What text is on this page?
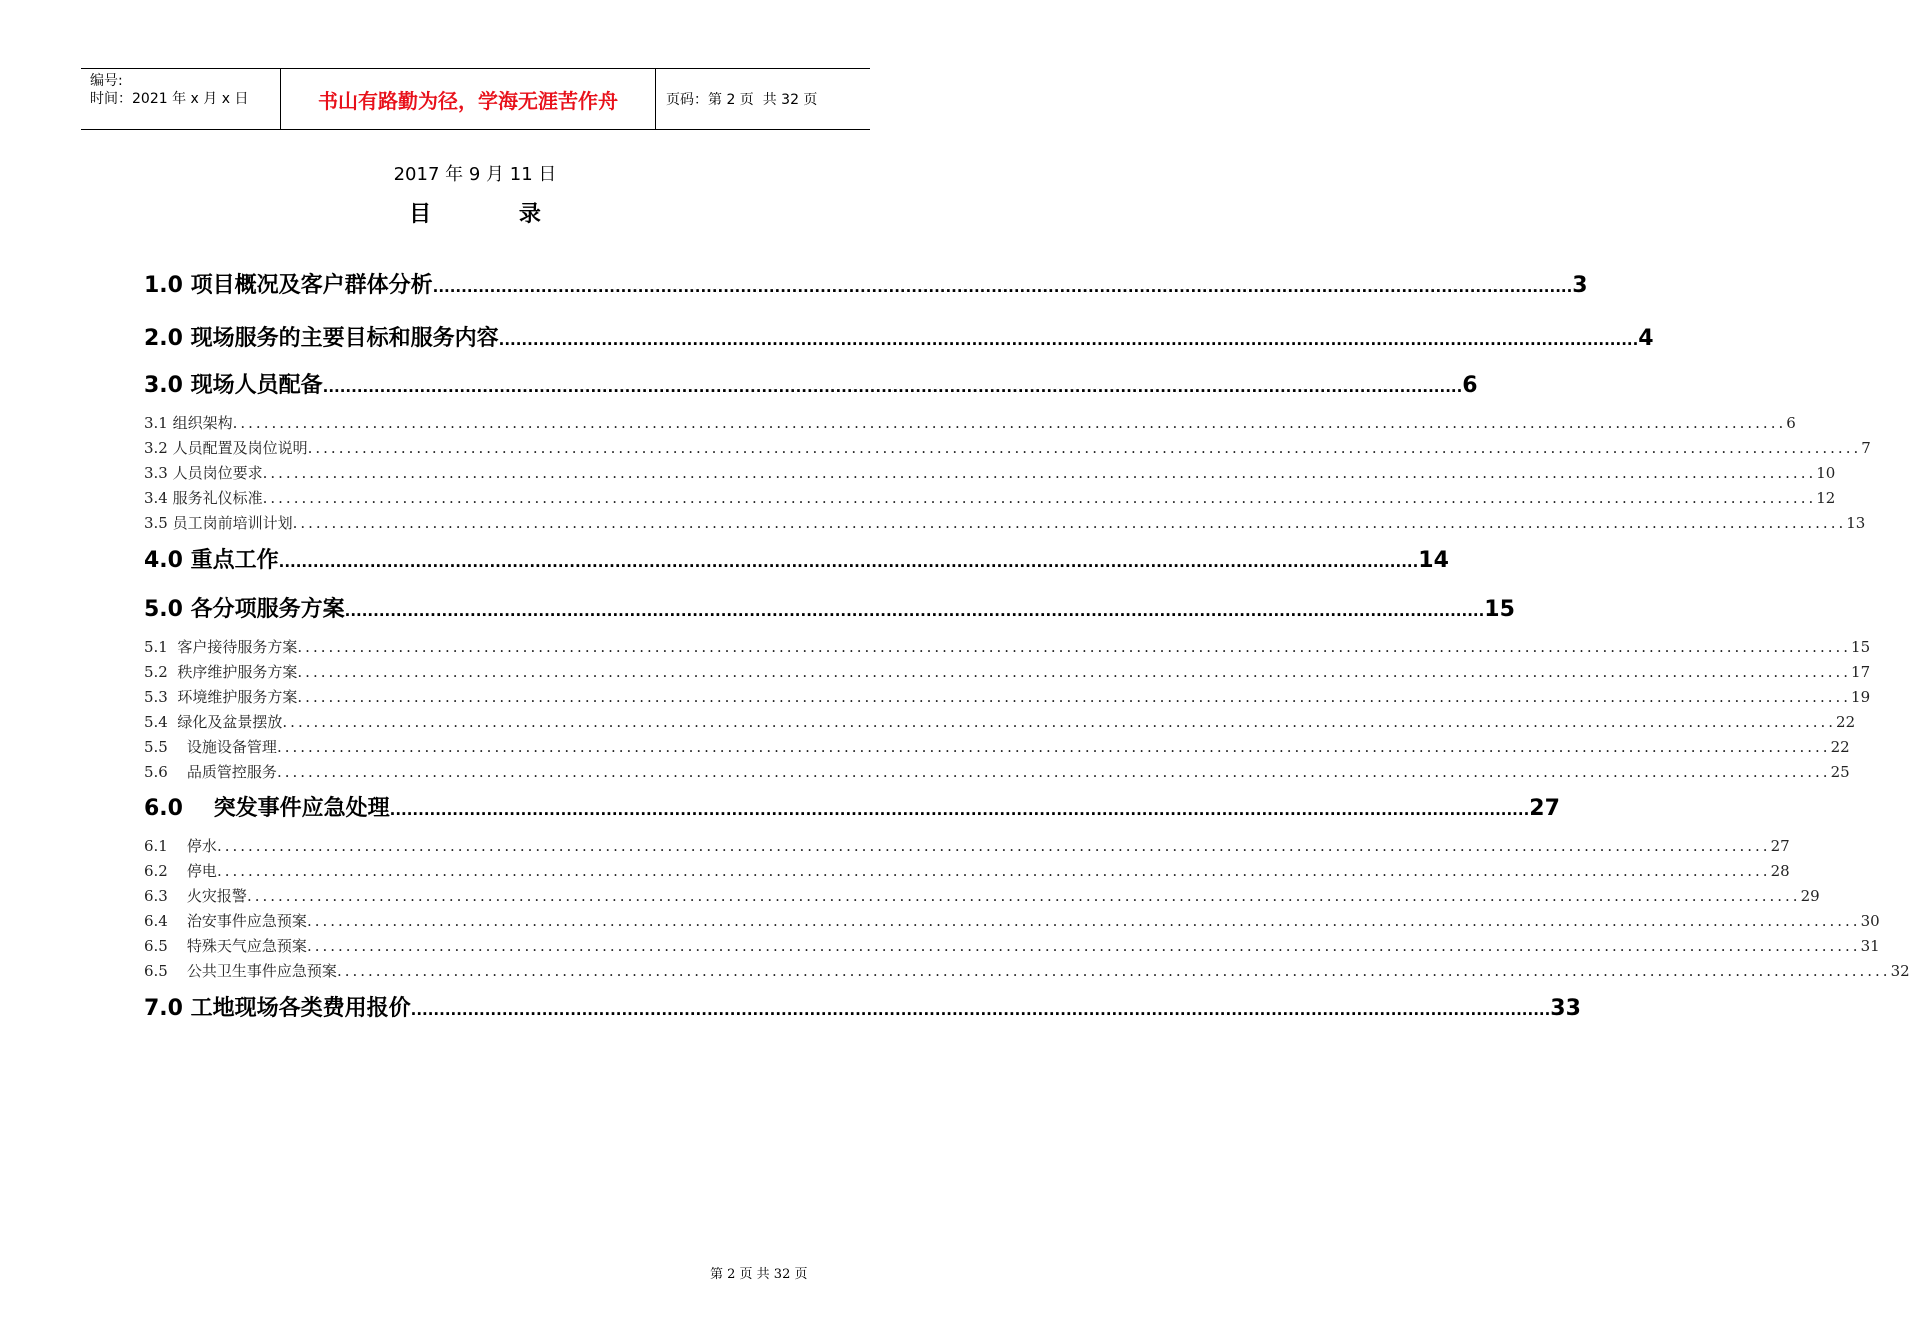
编号:
时间：2021 年 x 月 x 日	书山有路勤为径，学海无涯苦作舟	页码：第 2 页  共 32 页
2017 年 9 月 11 日
目 录
1.0 项目概况及客户群体分析 ........................................................................................................................................................................................................ 3
2.0 现场服务的主要目标和服务内容 ........................................................................................................................................................................................................ 4
3.0 现场人员配备 ........................................................................................................................................................................................................ 6
3.1 组织架构 ........................................................................................................................................................................................................ 6
3.2 人员配置及岗位说明 ........................................................................................................................................................................................................ 7
3.3 人员岗位要求 ........................................................................................................................................................................................................ 10
3.4 服务礼仪标准 ........................................................................................................................................................................................................ 12
3.5 员工岗前培训计划 ........................................................................................................................................................................................................ 13
4.0 重点工作 ........................................................................................................................................................................................................ 14
5.0 各分项服务方案 ........................................................................................................................................................................................................ 15
5.1  客户接待服务方案 ........................................................................................................................................................................................................ 15
5.2  秩序维护服务方案 ........................................................................................................................................................................................................ 17
5.3  环境维护服务方案 ........................................................................................................................................................................................................ 19
5.4  绿化及盆景摆放 ........................................................................................................................................................................................................ 22
5.5    设施设备管理 ........................................................................................................................................................................................................ 22
5.6    品质管控服务 ........................................................................................................................................................................................................ 25
6.0    突发事件应急处理 ........................................................................................................................................................................................................ 27
6.1    停水 ........................................................................................................................................................................................................ 27
6.2    停电 ........................................................................................................................................................................................................ 28
6.3    火灾报警 ........................................................................................................................................................................................................ 29
6.4    治安事件应急预案 ........................................................................................................................................................................................................ 30
6.5    特殊天气应急预案 ........................................................................................................................................................................................................ 31
6.5    公共卫生事件应急预案 ........................................................................................................................................................................................................ 32
7.0 工地现场各类费用报价 ........................................................................................................................................................................................................ 33
第 2 页 共 32 页
